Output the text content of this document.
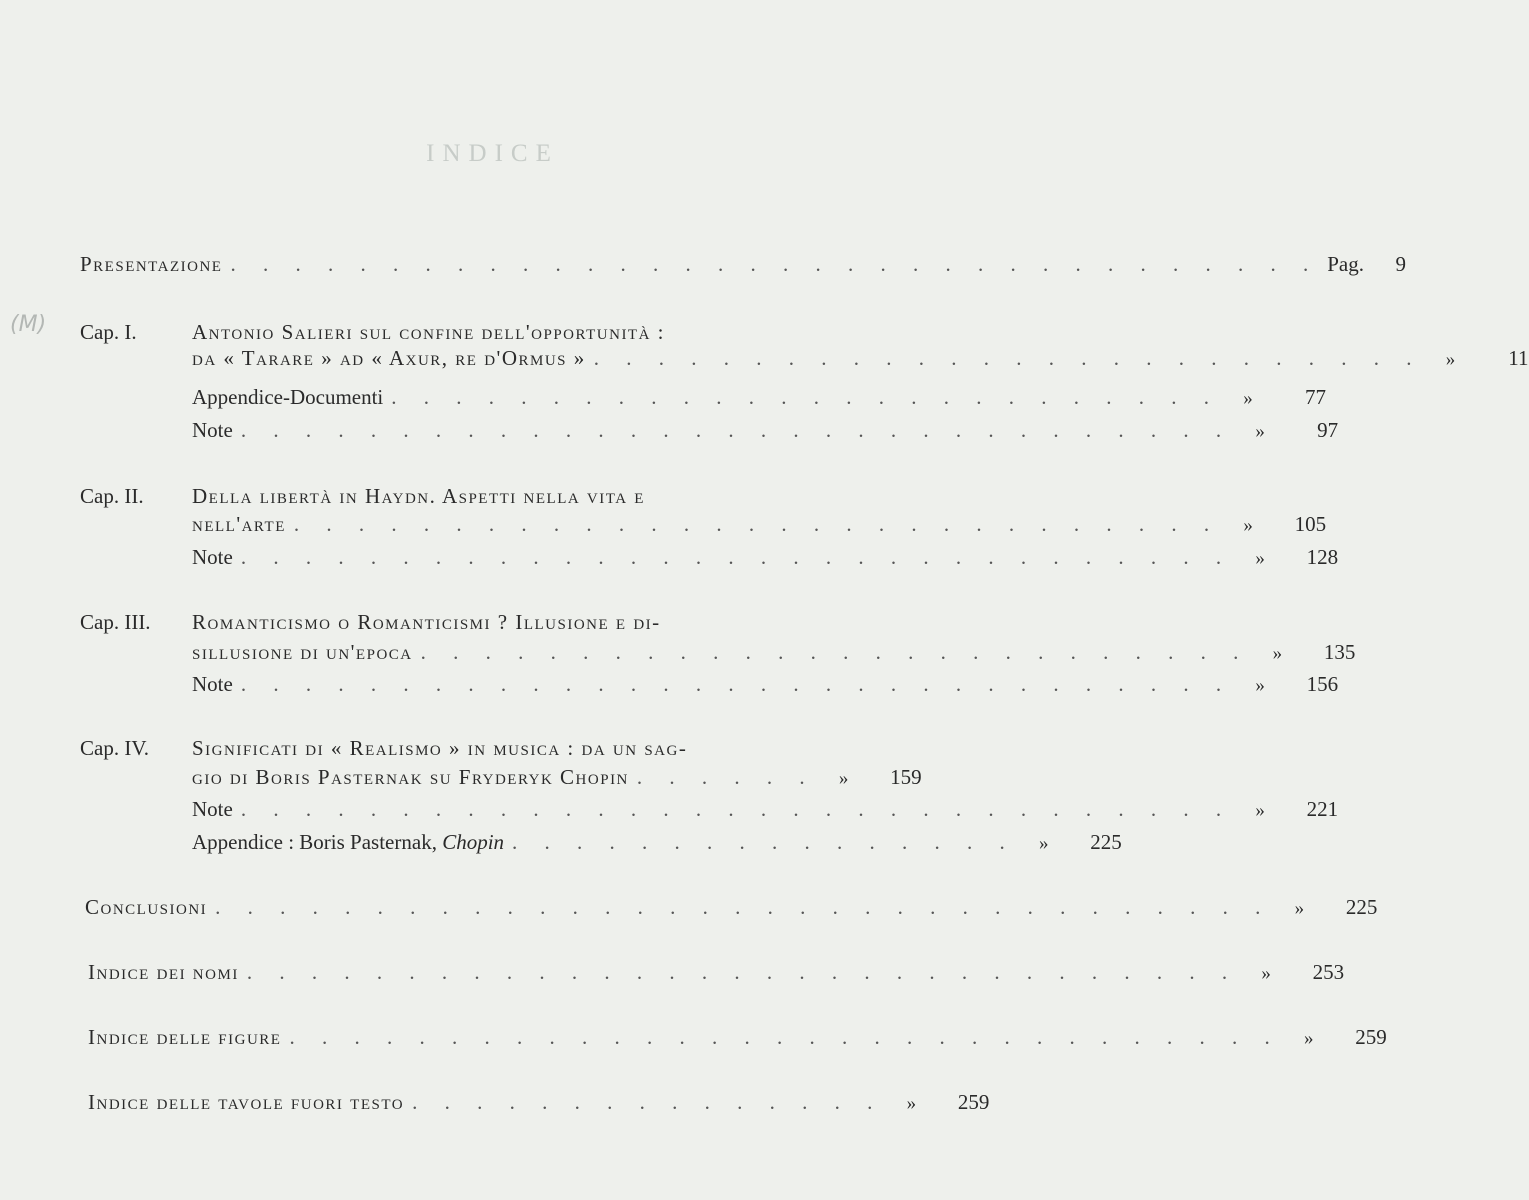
INDICE
(M)
Presentazione . . . . . . . . . . . . . . . . . . . . . . . . . . . . . . . . . . Pag.	9
Cap. I.	Antonio Salieri sul confine dell'opportunità :
da « Tarare » ad « Axur, re d'Ormus » . . . . . . . . . . . . . . . . . . . . . . . . . .	»	11
Appendice-Documenti . . . . . . . . . . . . . . . . . . . . . . . . . .	»	77
Note . . . . . . . . . . . . . . . . . . . . . . . . . . . . . . .	»	97
Cap. II. Della libertà in Haydn. Aspetti nella vita e
nell'arte . . . . . . . . . . . . . . . . . . . . . . . . . . . . .	»	105
Note . . . . . . . . . . . . . . . . . . . . . . . . . . . . . . .	»	128
Cap. III. Romanticismo o Romanticismi ? Illusione e di-
sillusione di un'epoca . . . . . . . . . . . . . . . . . . . . . . . . . .	»	135
Note . . . . . . . . . . . . . . . . . . . . . . . . . . . . . . .	»	156
Cap. IV. Significati di « Realismo » in musica : da un sag-
gio di Boris Pasternak su Fryderyk Chopin . . . . . .	»	159
Note . . . . . . . . . . . . . . . . . . . . . . . . . . . . . . .	»	221
Appendice : Boris Pasternak, Chopin . . . . . . . . . . . . . . . .	»	225
Conclusioni . . . . . . . . . . . . . . . . . . . . . . . . . . . . . . . . .	»	225
Indice dei nomi . . . . . . . . . . . . . . . . . . . . . . . . . . . . . . .	»	253
Indice delle figure . . . . . . . . . . . . . . . . . . . . . . . . . . . . . . .	»	259
Indice delle tavole fuori testo . . . . . . . . . . . . . . .	»	259
